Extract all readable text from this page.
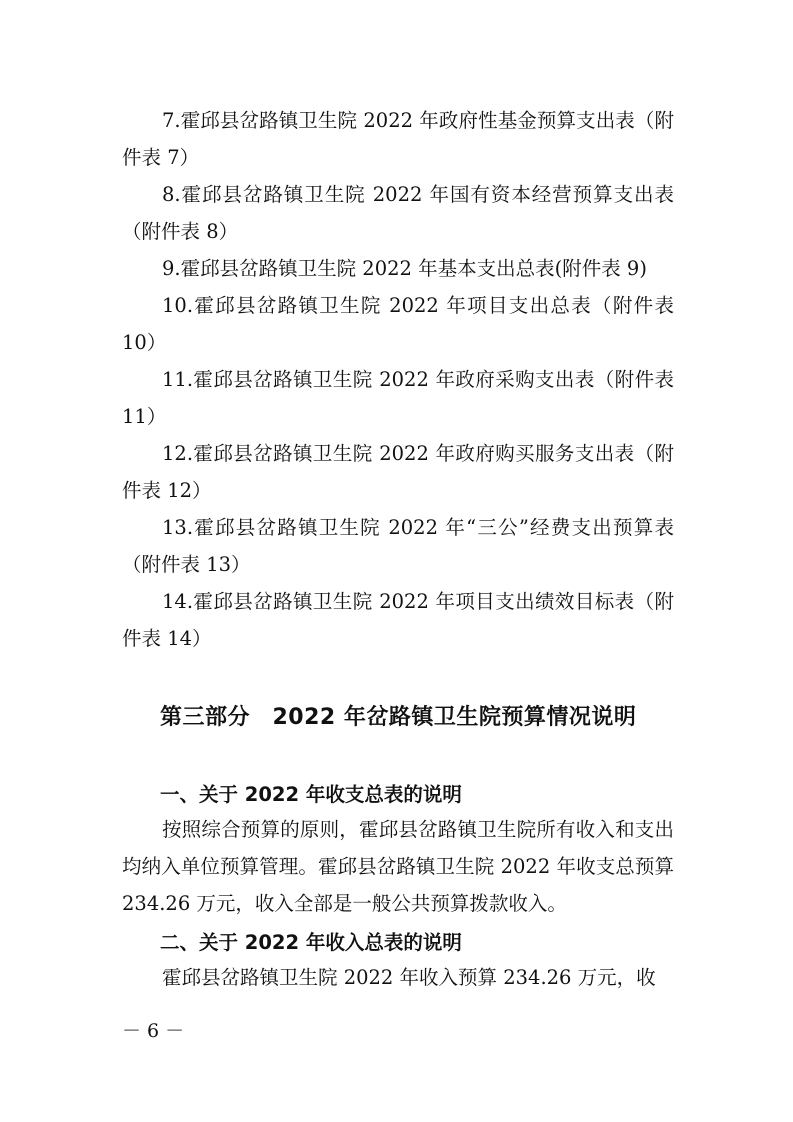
7.霍邱县岔路镇卫生院 2022 年政府性基金预算支出表（附件表 7）

8.霍邱县岔路镇卫生院 2022 年国有资本经营预算支出表（附件表 8）

9.霍邱县岔路镇卫生院 2022 年基本支出总表(附件表 9)

10.霍邱县岔路镇卫生院 2022 年项目支出总表（附件表 10）

11.霍邱县岔路镇卫生院 2022 年政府采购支出表（附件表 11）

12.霍邱县岔路镇卫生院 2022 年政府购买服务支出表（附件表 12）

13.霍邱县岔路镇卫生院 2022 年“三公”经费支出预算表（附件表 13）

14.霍邱县岔路镇卫生院 2022 年项目支出绩效目标表（附件表 14）

第三部分　2022 年岔路镇卫生院预算情况说明
一、关于 2022 年收支总表的说明

按照综合预算的原则，霍邱县岔路镇卫生院所有收入和支出均纳入单位预算管理。霍邱县岔路镇卫生院 2022 年收支总预算 234.26 万元，收入全部是一般公共预算拨款收入。

二、关于 2022 年收入总表的说明

霍邱县岔路镇卫生院 2022 年收入预算 234.26 万元，收

－ 6 －
